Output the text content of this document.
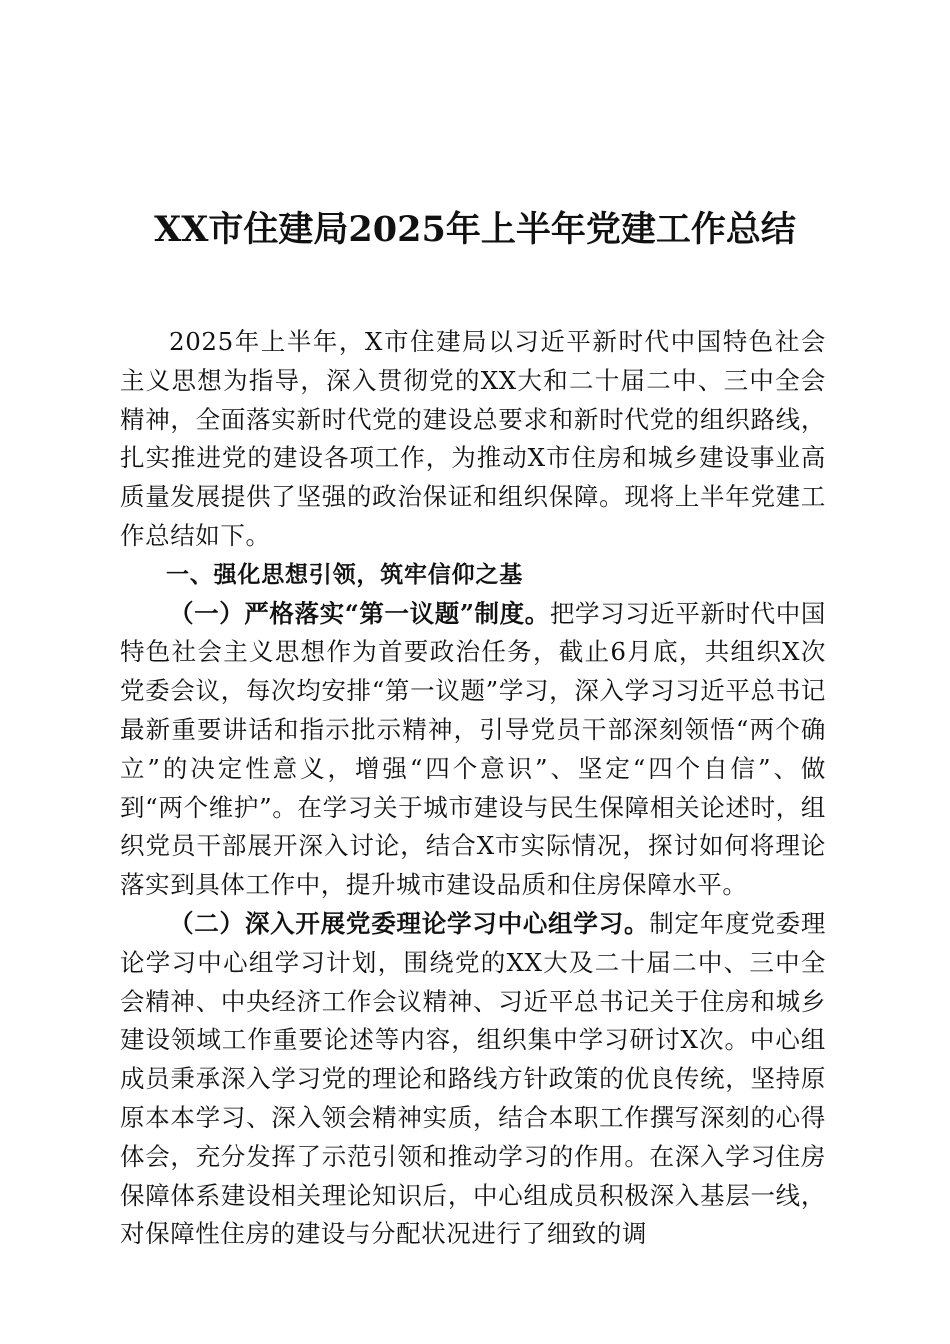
XX市住建局2025年上半年党建工作总结

2025年上半年，X市住建局以习近平新时代中国特色社会主义思想为指导，深入贯彻党的XX大和二十届二中、三中全会精神，全面落实新时代党的建设总要求和新时代党的组织路线，扎实推进党的建设各项工作，为推动X市住房和城乡建设事业高质量发展提供了坚强的政治保证和组织保障。现将上半年党建工作总结如下。

一、强化思想引领，筑牢信仰之基

（一）严格落实“第一议题”制度。把学习习近平新时代中国特色社会主义思想作为首要政治任务，截止6月底，共组织X次党委会议，每次均安排“第一议题”学习，深入学习习近平总书记最新重要讲话和指示批示精神，引导党员干部深刻领悟“两个确立”的决定性意义，增强“四个意识”、坚定“四个自信”、做到“两个维护”。在学习关于城市建设与民生保障相关论述时，组织党员干部展开深入讨论，结合X市实际情况，探讨如何将理论落实到具体工作中，提升城市建设品质和住房保障水平。

（二）深入开展党委理论学习中心组学习。制定年度党委理论学习中心组学习计划，围绕党的XX大及二十届二中、三中全会精神、中央经济工作会议精神、习近平总书记关于住房和城乡建设领域工作重要论述等内容，组织集中学习研讨X次。中心组成员秉承深入学习党的理论和路线方针政策的优良传统，坚持原原本本学习、深入领会精神实质，结合本职工作撰写深刻的心得体会，充分发挥了示范引领和推动学习的作用。在深入学习住房保障体系建设相关理论知识后，中心组成员积极深入基层一线，对保障性住房的建设与分配状况进行了细致的调
